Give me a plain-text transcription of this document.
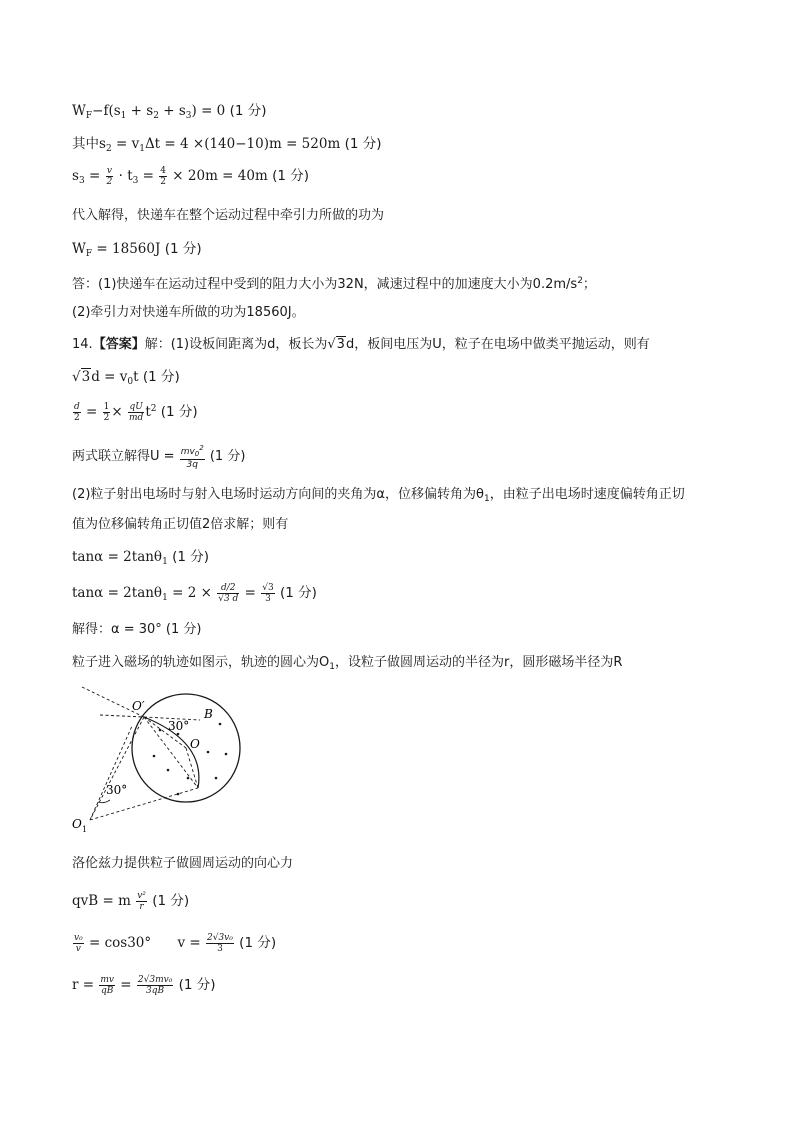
$W_F-f(s_1 + s_2 + s_3) = 0$ (1 分)
其中$s_2 = v_1\Delta t = 4 \times(140-10)m = 520m$ (1 分)
$s_3 = \frac{v}{2} \cdot t_3 = \frac{4}{2} \times 20m = 40m$ (1 分)
代入解得，快递车在整个运动过程中牵引力所做的功为
$W_F = 18560J$ (1 分)
答：(1)快递车在运动过程中受到的阻力大小为32N，减速过程中的加速度大小为$0.2m/s^2$；
(2)牵引力对快递车所做的功为18560J。
14.【答案】解：(1)设板间距离为d，板长为√3d，板间电压为U，粒子在电场中做类平抛运动，则有
$√3d = v_0t$ (1 分)
$\frac{d}{2} = \frac{1}{2} \times \frac{qU}{md} t^2$ (1 分)
两式联立解得$U = \frac{mv_0^2}{3q} (1$ 分)
(2)粒子射出电场时与射入电场时运动方向间的夹角为α，位移偏转角为$\theta_1$，由粒子出电场时速度偏转角正切
值为位移偏转角正切值2倍求解；则有
tanα = 2tanθ$_1$ (1 分)
$\tan\alpha = 2\tan\theta_1 = 2 \times \frac{d/2}{√3 d} = \frac{√3}{3} (1$ 分)
解得：α = 30° (1 分)
粒子进入磁场的轨迹如图示，轨迹的圆心为$O_1$，设粒子做圆周运动的半径为r，圆形磁场半径为R
O′
30°
B
O
30°
O 1
洛伦兹力提供粒子做圆周运动的向心力
qvB = m $\frac{\text{v²}}{r} (1$ 分)
$\frac{\text{v₀}}{v} = \cos 30^\circ$ $v = \frac{\text{2√3v₀}}{3} (1$ 分)
$r = \frac{mv}{qB} = \frac{\text{2√3mv₀}}{3qB} (1$ 分)
